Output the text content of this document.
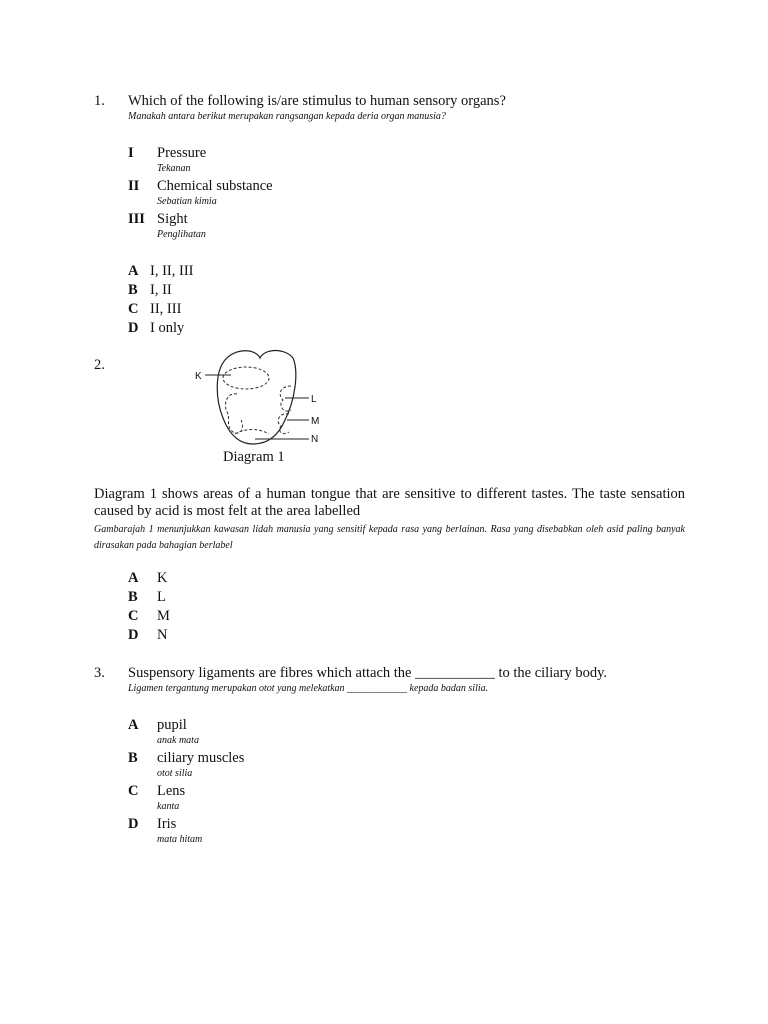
1. Which of the following is/are stimulus to human sensory organs?
Manakah antara berikut merupakan rangsangan kepada deria organ manusia?
I Pressure
Tekanan
II Chemical substance
Sebatian kimia
III Sight
Penglihatan
A I, II, III
B I, II
C II, III
D I only
2.
K
L
M
N
Diagram 1
Diagram 1 shows areas of a human tongue that are sensitive to different tastes. The taste sensation caused by acid is most felt at the area labelled
Gambarajah 1 menunjukkan kawasan lidah manusia yang sensitif kepada rasa yang berlainan. Rasa yang disebabkan oleh asid paling banyak dirasakan pada bahagian berlabel
A K
B L
C M
D N
3. Suspensory ligaments are fibres which attach the ___________ to the ciliary body.
Ligamen tergantung merupakan otot yang melekatkan ____________ kepada badan silia.
A pupil
anak mata
B ciliary muscles
otot silia
C Lens
kanta
D Iris
mata hitam
